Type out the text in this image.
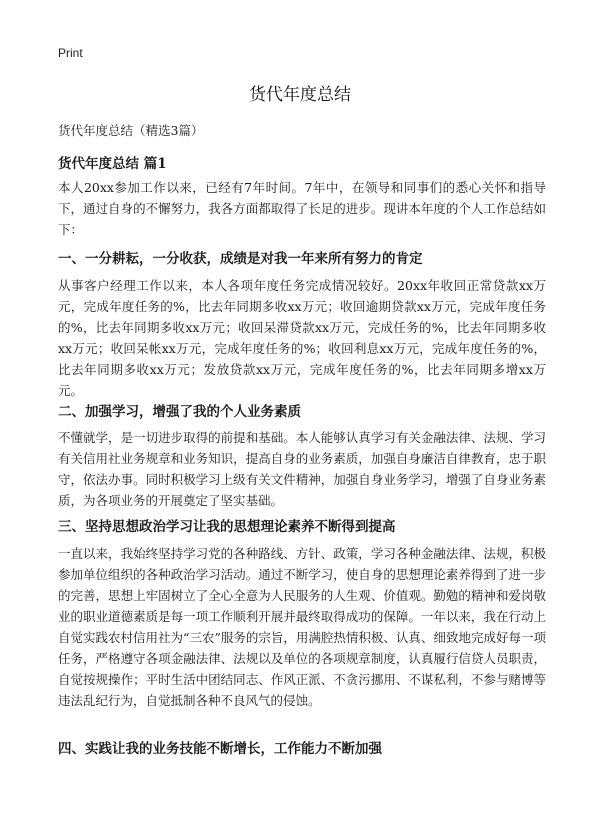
Print
货代年度总结
货代年度总结（精选3篇）
货代年度总结 篇1
本人20xx参加工作以来，已经有7年时间。7年中，在领导和同事们的悉心关怀和指导下，通过自身的不懈努力，我各方面都取得了长足的进步。现讲本年度的个人工作总结如下：
一、一分耕耘，一分收获，成绩是对我一年来所有努力的肯定
从事客户经理工作以来，本人各项年度任务完成情况较好。20xx年收回正常贷款xx万元，完成年度任务的%，比去年同期多收xx万元；收回逾期贷款xx万元，完成年度任务的%，比去年同期多收xx万元；收回呆滞贷款xx万元，完成任务的%，比去年同期多收xx万元；收回呆帐xx万元，完成年度任务的%；收回利息xx万元，完成年度任务的%，比去年同期多收xx万元；发放贷款xx万元，完成年度任务的%，比去年同期多增xx万元。
二、加强学习，增强了我的个人业务素质
不懂就学，是一切进步取得的前提和基础。本人能够认真学习有关金融法律、法规、学习有关信用社业务规章和业务知识，提高自身的业务素质，加强自身廉洁自律教育，忠于职守，依法办事。同时积极学习上级有关文件精神，加强自身业务学习，增强了自身业务素质，为各项业务的开展奠定了坚实基础。
三、坚持思想政治学习让我的思想理论素养不断得到提高
一直以来，我始终坚持学习党的各种路线、方针、政策，学习各种金融法律、法规，积极参加单位组织的各种政治学习活动。通过不断学习，使自身的思想理论素养得到了进一步的完善，思想上牢固树立了全心全意为人民服务的人生观、价值观。勤勉的精神和爱岗敬业的职业道德素质是每一项工作顺利开展并最终取得成功的保障。一年以来，我在行动上自觉实践农村信用社为“三农”服务的宗旨，用满腔热情积极、认真、细致地完成好每一项任务，严格遵守各项金融法律、法规以及单位的各项规章制度，认真履行信贷人员职责，自觉按规操作；平时生活中团结同志、作风正派、不贪污挪用、不谋私利，不参与赌博等违法乱纪行为，自觉抵制各种不良风气的侵蚀。
四、实践让我的业务技能不断增长，工作能力不断加强
